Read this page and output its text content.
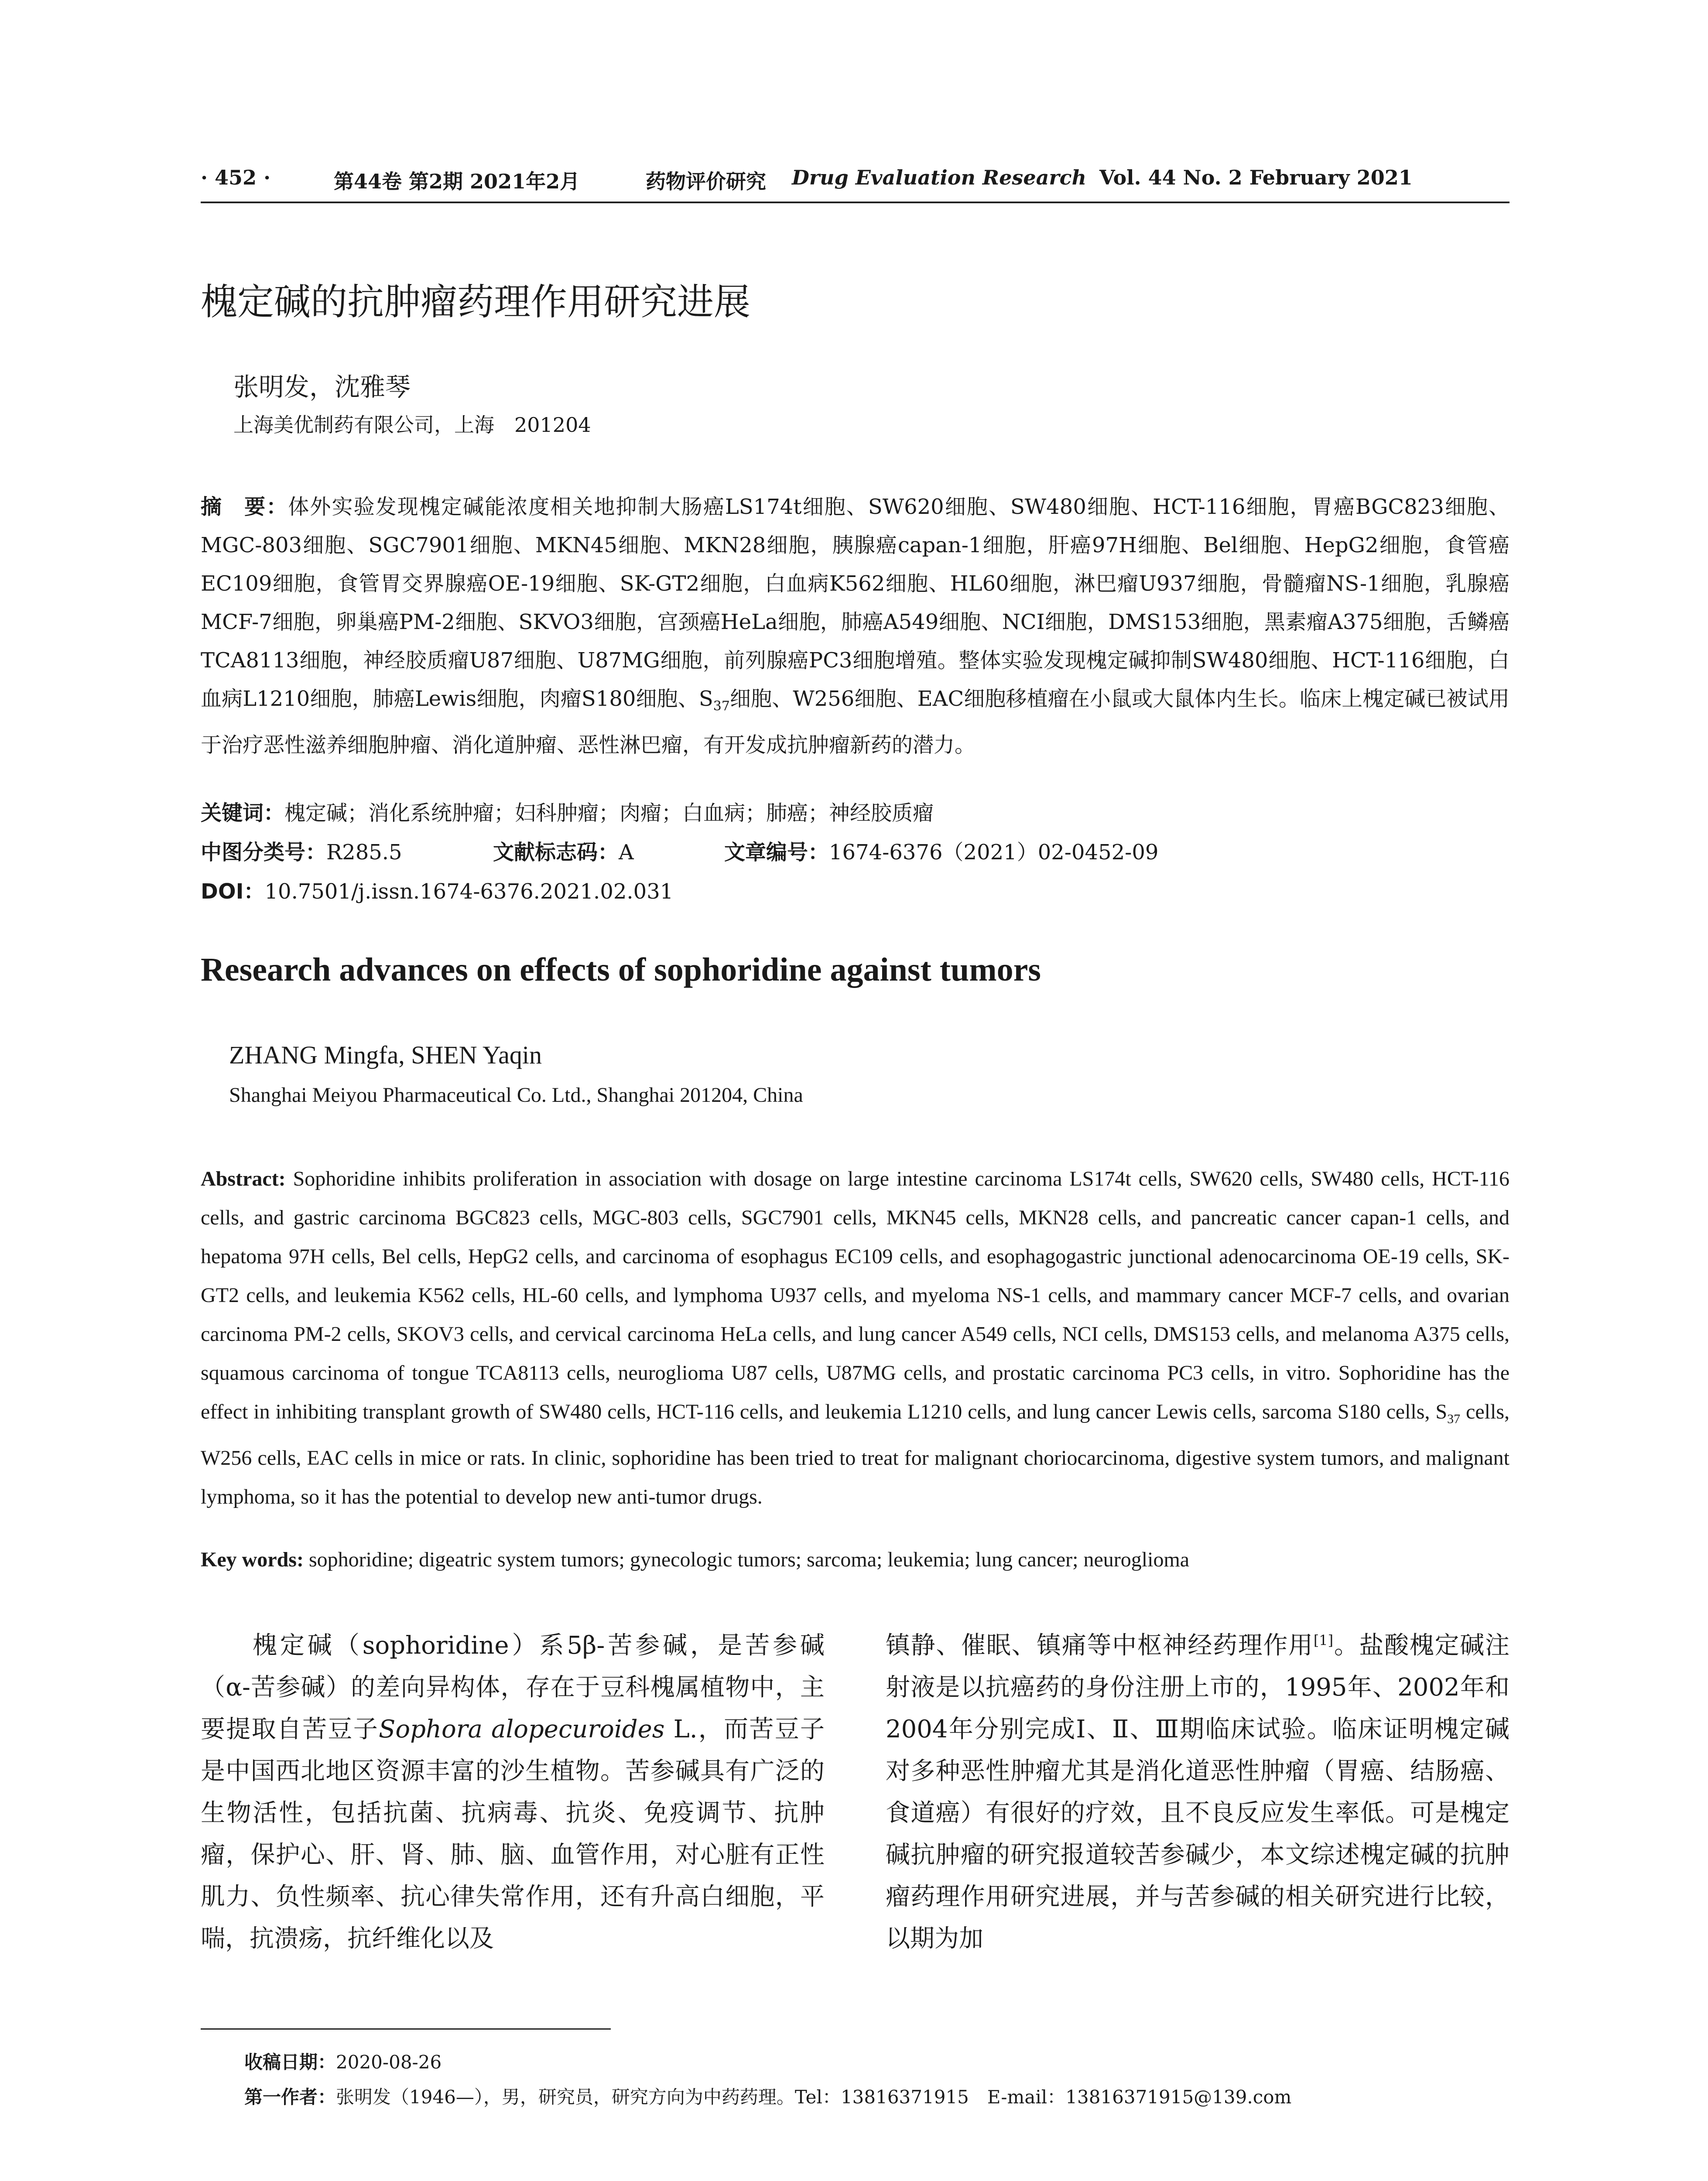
· 452 ·	第44卷 第2期 2021年2月	药物评价研究 Drug Evaluation Research Vol. 44 No. 2 February 2021
槐定碱的抗肿瘤药理作用研究进展
张明发，沈雅琴
上海美优制药有限公司，上海　201204
摘　要：体外实验发现槐定碱能浓度相关地抑制大肠癌LS174t细胞、SW620细胞、SW480细胞、HCT-116细胞，胃癌BGC823细胞、MGC-803细胞、SGC7901细胞、MKN45细胞、MKN28细胞，胰腺癌capan-1细胞，肝癌97H细胞、Bel细胞、HepG2细胞，食管癌EC109细胞，食管胃交界腺癌OE-19细胞、SK-GT2细胞，白血病K562细胞、HL60细胞，淋巴瘤U937细胞，骨髓瘤NS-1细胞，乳腺癌MCF-7细胞，卵巢癌PM-2细胞、SKVO3细胞，宫颈癌HeLa细胞，肺癌A549细胞、NCI细胞，DMS153细胞，黑素瘤A375细胞，舌鳞癌TCA8113细胞，神经胶质瘤U87细胞、U87MG细胞，前列腺癌PC3细胞增殖。整体实验发现槐定碱抑制SW480细胞、HCT-116细胞，白血病L1210细胞，肺癌Lewis细胞，肉瘤S180细胞、$S_{37}$细胞、W256细胞、EAC细胞移植瘤在小鼠或大鼠体内生长。临床上槐定碱已被试用于治疗恶性滋养细胞肿瘤、消化道肿瘤、恶性淋巴瘤，有开发成抗肿瘤新药的潜力。
关键词：槐定碱；消化系统肿瘤；妇科肿瘤；肉瘤；白血病；肺癌；神经胶质瘤
中图分类号：R285.5	文献标志码：A	文章编号：1674-6376（2021）02-0452-09
DOI：10.7501/j.issn.1674-6376.2021.02.031
Research advances on effects of sophoridine against tumors
ZHANG Mingfa, SHEN Yaqin
Shanghai Meiyou Pharmaceutical Co. Ltd., Shanghai 201204, China
Abstract: Sophoridine inhibits proliferation in association with dosage on large intestine carcinoma LS174t cells, SW620 cells, SW480 cells, HCT-116 cells, and gastric carcinoma BGC823 cells, MGC-803 cells, SGC7901 cells, MKN45 cells, MKN28 cells, and pancreatic cancer capan-1 cells, and hepatoma 97H cells, Bel cells, HepG2 cells, and carcinoma of esophagus EC109 cells, and esophagogastric junctional adenocarcinoma OE-19 cells, SK-GT2 cells, and leukemia K562 cells, HL-60 cells, and lymphoma U937 cells, and myeloma NS-1 cells, and mammary cancer MCF-7 cells, and ovarian carcinoma PM-2 cells, SKOV3 cells, and cervical carcinoma HeLa cells, and lung cancer A549 cells, NCI cells, DMS153 cells, and melanoma A375 cells, squamous carcinoma of tongue TCA8113 cells, neuroglioma U87 cells, U87MG cells, and prostatic carcinoma PC3 cells, in vitro. Sophoridine has the effect in inhibiting transplant growth of SW480 cells, HCT-116 cells, and leukemia L1210 cells, and lung cancer Lewis cells, sarcoma S180 cells, $S_{37}$ cells, W256 cells, EAC cells in mice or rats. In clinic, sophoridine has been tried to treat for malignant choriocarcinoma, digestive system tumors, and malignant lymphoma, so it has the potential to develop new anti-tumor drugs.
Key words: sophoridine; digeatric system tumors; gynecologic tumors; sarcoma; leukemia; lung cancer; neuroglioma
槐定碱（sophoridine）系5β-苦参碱，是苦参碱（α-苦参碱）的差向异构体，存在于豆科槐属植物中，主要提取自苦豆子Sophora alopecuroides L.，而苦豆子是中国西北地区资源丰富的沙生植物。苦参碱具有广泛的生物活性，包括抗菌、抗病毒、抗炎、免疫调节、抗肿瘤，保护心、肝、肾、肺、脑、血管作用，对心脏有正性肌力、负性频率、抗心律失常作用，还有升高白细胞，平喘，抗溃疡，抗纤维化以及
镇静、催眠、镇痛等中枢神经药理作用[1]。盐酸槐定碱注射液是以抗癌药的身份注册上市的，1995年、2002年和2004年分别完成Ⅰ、Ⅱ、Ⅲ期临床试验。临床证明槐定碱对多种恶性肿瘤尤其是消化道恶性肿瘤（胃癌、结肠癌、食道癌）有很好的疗效，且不良反应发生率低。可是槐定碱抗肿瘤的研究报道较苦参碱少，本文综述槐定碱的抗肿瘤药理作用研究进展，并与苦参碱的相关研究进行比较，以期为加
收稿日期：2020-08-26
第一作者：张明发（1946—），男，研究员，研究方向为中药药理。Tel：13816371915　E-mail：13816371915@139.com
